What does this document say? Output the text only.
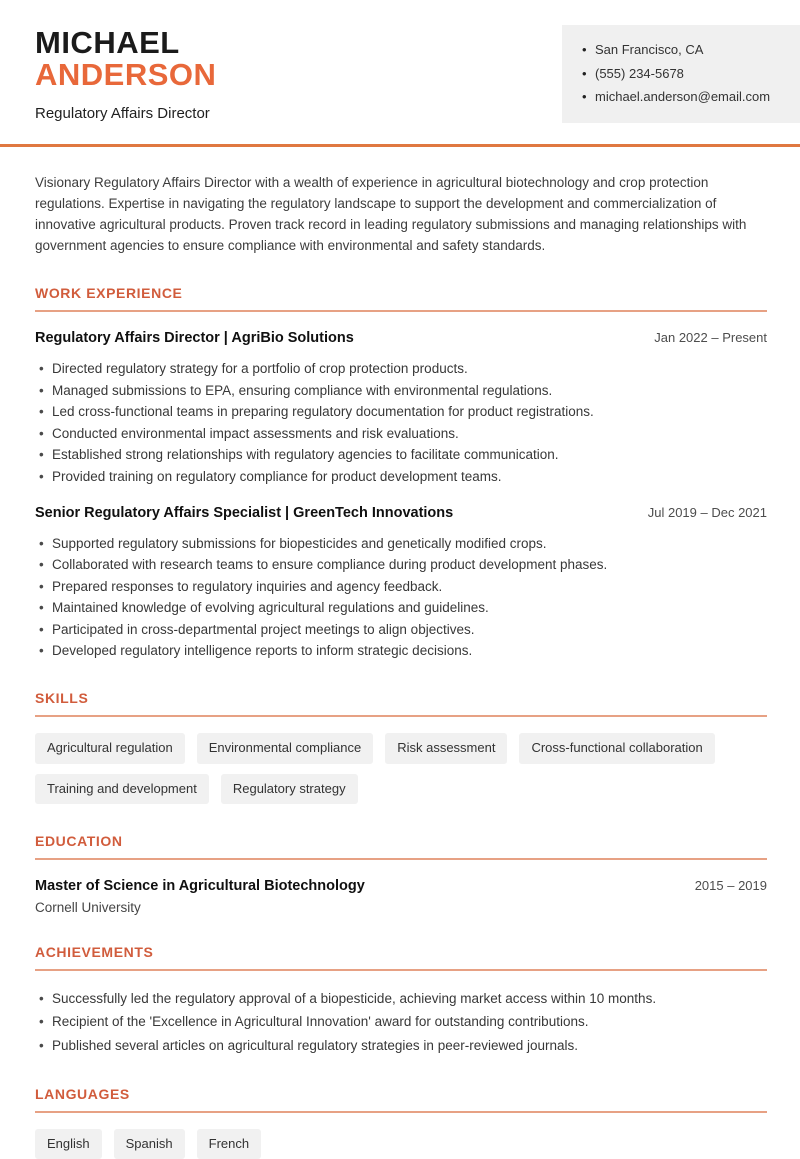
MICHAEL
ANDERSON
Regulatory Affairs Director
• San Francisco, CA
• (555) 234-5678
• michael.anderson@email.com

Visionary Regulatory Affairs Director with a wealth of experience in agricultural biotechnology and crop protection regulations. Expertise in navigating the regulatory landscape to support the development and commercialization of innovative agricultural products. Proven track record in leading regulatory submissions and managing relationships with government agencies to ensure compliance with environmental and safety standards.

WORK EXPERIENCE
Regulatory Affairs Director | AgriBio Solutions	Jan 2022 – Present
• Directed regulatory strategy for a portfolio of crop protection products.
• Managed submissions to EPA, ensuring compliance with environmental regulations.
• Led cross-functional teams in preparing regulatory documentation for product registrations.
• Conducted environmental impact assessments and risk evaluations.
• Established strong relationships with regulatory agencies to facilitate communication.
• Provided training on regulatory compliance for product development teams.
Senior Regulatory Affairs Specialist | GreenTech Innovations	Jul 2019 – Dec 2021
• Supported regulatory submissions for biopesticides and genetically modified crops.
• Collaborated with research teams to ensure compliance during product development phases.
• Prepared responses to regulatory inquiries and agency feedback.
• Maintained knowledge of evolving agricultural regulations and guidelines.
• Participated in cross-departmental project meetings to align objectives.
• Developed regulatory intelligence reports to inform strategic decisions.
SKILLS
Agricultural regulation	Environmental compliance	Risk assessment	Cross-functional collaboration
Training and development	Regulatory strategy
EDUCATION
Master of Science in Agricultural Biotechnology	2015 – 2019
Cornell University
ACHIEVEMENTS
• Successfully led the regulatory approval of a biopesticide, achieving market access within 10 months.
• Recipient of the 'Excellence in Agricultural Innovation' award for outstanding contributions.
• Published several articles on agricultural regulatory strategies in peer-reviewed journals.
LANGUAGES
English	Spanish	French
